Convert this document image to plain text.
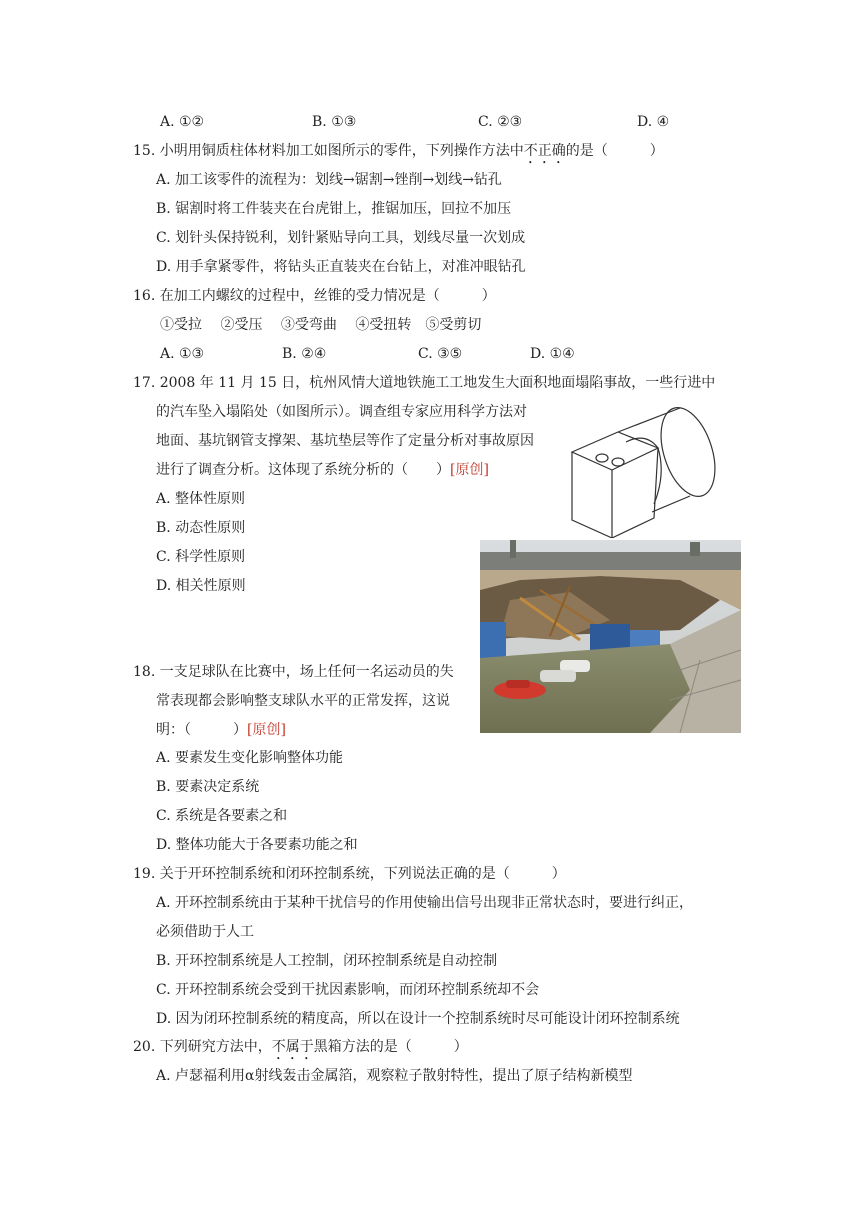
A. ①②	B. ①③	C. ②③	D. ④
15. 小明用铜质柱体材料加工如图所示的零件，下列操作方法中不正确的是（　　　）
A. 加工该零件的流程为：划线→锯割→锉削→划线→钻孔
B. 锯割时将工件装夹在台虎钳上，推锯加压，回拉不加压
C. 划针头保持锐利，划针紧贴导向工具，划线尽量一次划成
D. 用手拿紧零件，将钻头正直装夹在台钻上，对准冲眼钻孔
16. 在加工内螺纹的过程中，丝锥的受力情况是（　　　）
①受拉　 ②受压　 ③受弯曲　 ④受扭转　⑤受剪切
A. ①③	B. ②④	C. ③⑤	D. ①④
17. 2008 年 11 月 15 日，杭州风情大道地铁施工工地发生大面积地面塌陷事故，一些行进中
的汽车坠入塌陷处（如图所示）。调查组专家应用科学方法对
地面、基坑钢管支撑架、基坑垫层等作了定量分析对事故原因
进行了调查分析。这体现了系统分析的（　　）[原创]
A. 整体性原则
B. 动态性原则
C. 科学性原则
D. 相关性原则
18. 一支足球队在比赛中，场上任何一名运动员的失
常表现都会影响整支球队水平的正常发挥，这说
明：（　　　）[原创]
A. 要素发生变化影响整体功能
B. 要素决定系统
C. 系统是各要素之和
D. 整体功能大于各要素功能之和
19. 关于开环控制系统和闭环控制系统，下列说法正确的是（　　　）
A. 开环控制系统由于某种干扰信号的作用使输出信号出现非正常状态时，要进行纠正，
必须借助于人工
B. 开环控制系统是人工控制，闭环控制系统是自动控制
C. 开环控制系统会受到干扰因素影响，而闭环控制系统却不会
D. 因为闭环控制系统的精度高，所以在设计一个控制系统时尽可能设计闭环控制系统
20. 下列研究方法中，不属于黑箱方法的是（　　　）
A. 卢瑟福利用α射线轰击金属箔，观察粒子散射特性，提出了原子结构新模型
